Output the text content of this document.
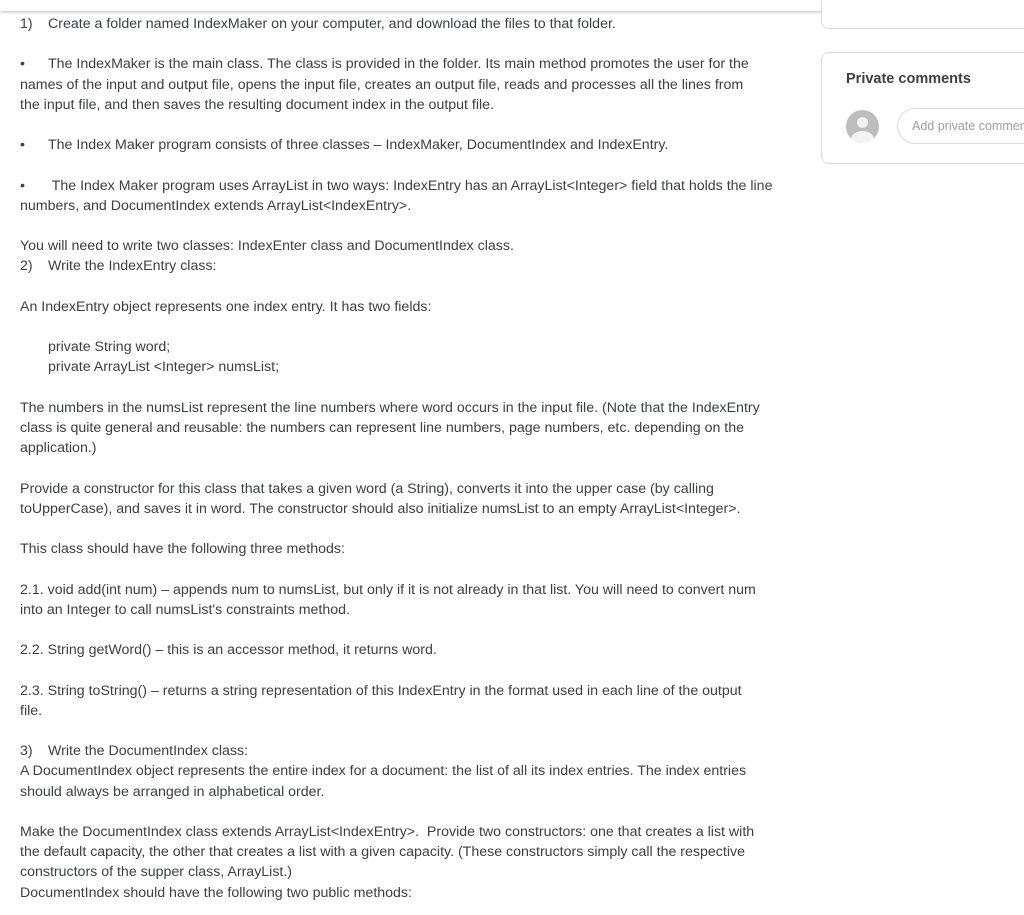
1) Create a folder named IndexMaker on your computer, and download the files to that folder.

• The IndexMaker is the main class. The class is provided in the folder. Its main method promotes the user for the

names of the input and output file, opens the input file, creates an output file, reads and processes all the lines from

the input file, and then saves the resulting document index in the output file.

• The Index Maker program consists of three classes – IndexMaker, DocumentIndex and IndexEntry.

• The Index Maker program uses ArrayList in two ways: IndexEntry has an ArrayList<Integer> field that holds the line

numbers, and DocumentIndex extends ArrayList<IndexEntry>.

You will need to write two classes: IndexEnter class and DocumentIndex class.

2) Write the IndexEntry class:

An IndexEntry object represents one index entry. It has two fields:

private String word;

private ArrayList <Integer> numsList;

The numbers in the numsList represent the line numbers where word occurs in the input file. (Note that the IndexEntry

class is quite general and reusable: the numbers can represent line numbers, page numbers, etc. depending on the

application.)

Provide a constructor for this class that takes a given word (a String), converts it into the upper case (by calling

toUpperCase), and saves it in word. The constructor should also initialize numsList to an empty ArrayList<Integer>.

This class should have the following three methods:

2.1. void add(int num) – appends num to numsList, but only if it is not already in that list. You will need to convert num

into an Integer to call numsList's constraints method.

2.2. String getWord() – this is an accessor method, it returns word.

2.3. String toString() – returns a string representation of this IndexEntry in the format used in each line of the output

file.

3) Write the DocumentIndex class:

A DocumentIndex object represents the entire index for a document: the list of all its index entries. The index entries

should always be arranged in alphabetical order.

Make the DocumentIndex class extends ArrayList<IndexEntry>.  Provide two constructors: one that creates a list with

the default capacity, the other that creates a list with a given capacity. (These constructors simply call the respective

constructors of the supper class, ArrayList.)

DocumentIndex should have the following two public methods:

Private comments
Add private comment...
